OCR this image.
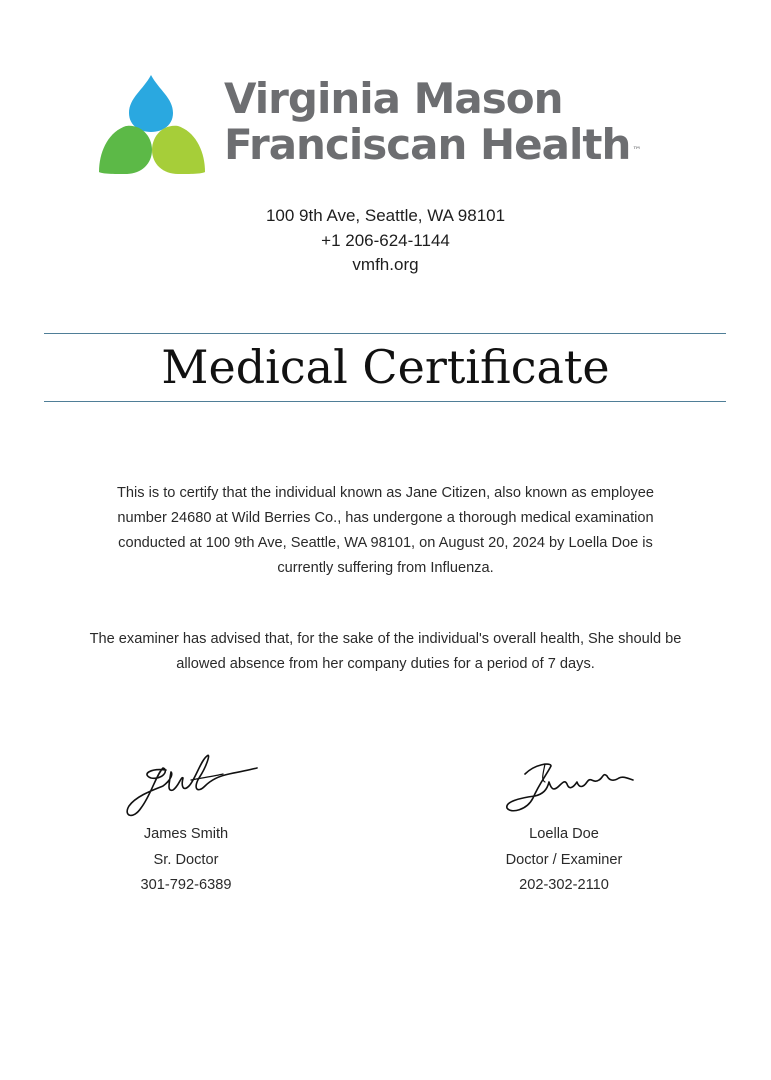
Virginia Mason
Franciscan Health ™
100 9th Ave, Seattle, WA 98101
+1 206-624-1144
vmfh.org
Medical Certificate
This is to certify that the individual known as Jane Citizen, also known as employee number 24680 at Wild Berries Co., has undergone a thorough medical examination conducted at 100 9th Ave, Seattle, WA 98101, on August 20, 2024 by Loella Doe is currently suffering from Influenza.
The examiner has advised that, for the sake of the individual's overall health, She should be allowed absence from her company duties for a period of 7 days.
James Smith
Sr. Doctor
301-792-6389
Loella Doe
Doctor / Examiner
202-302-2110
